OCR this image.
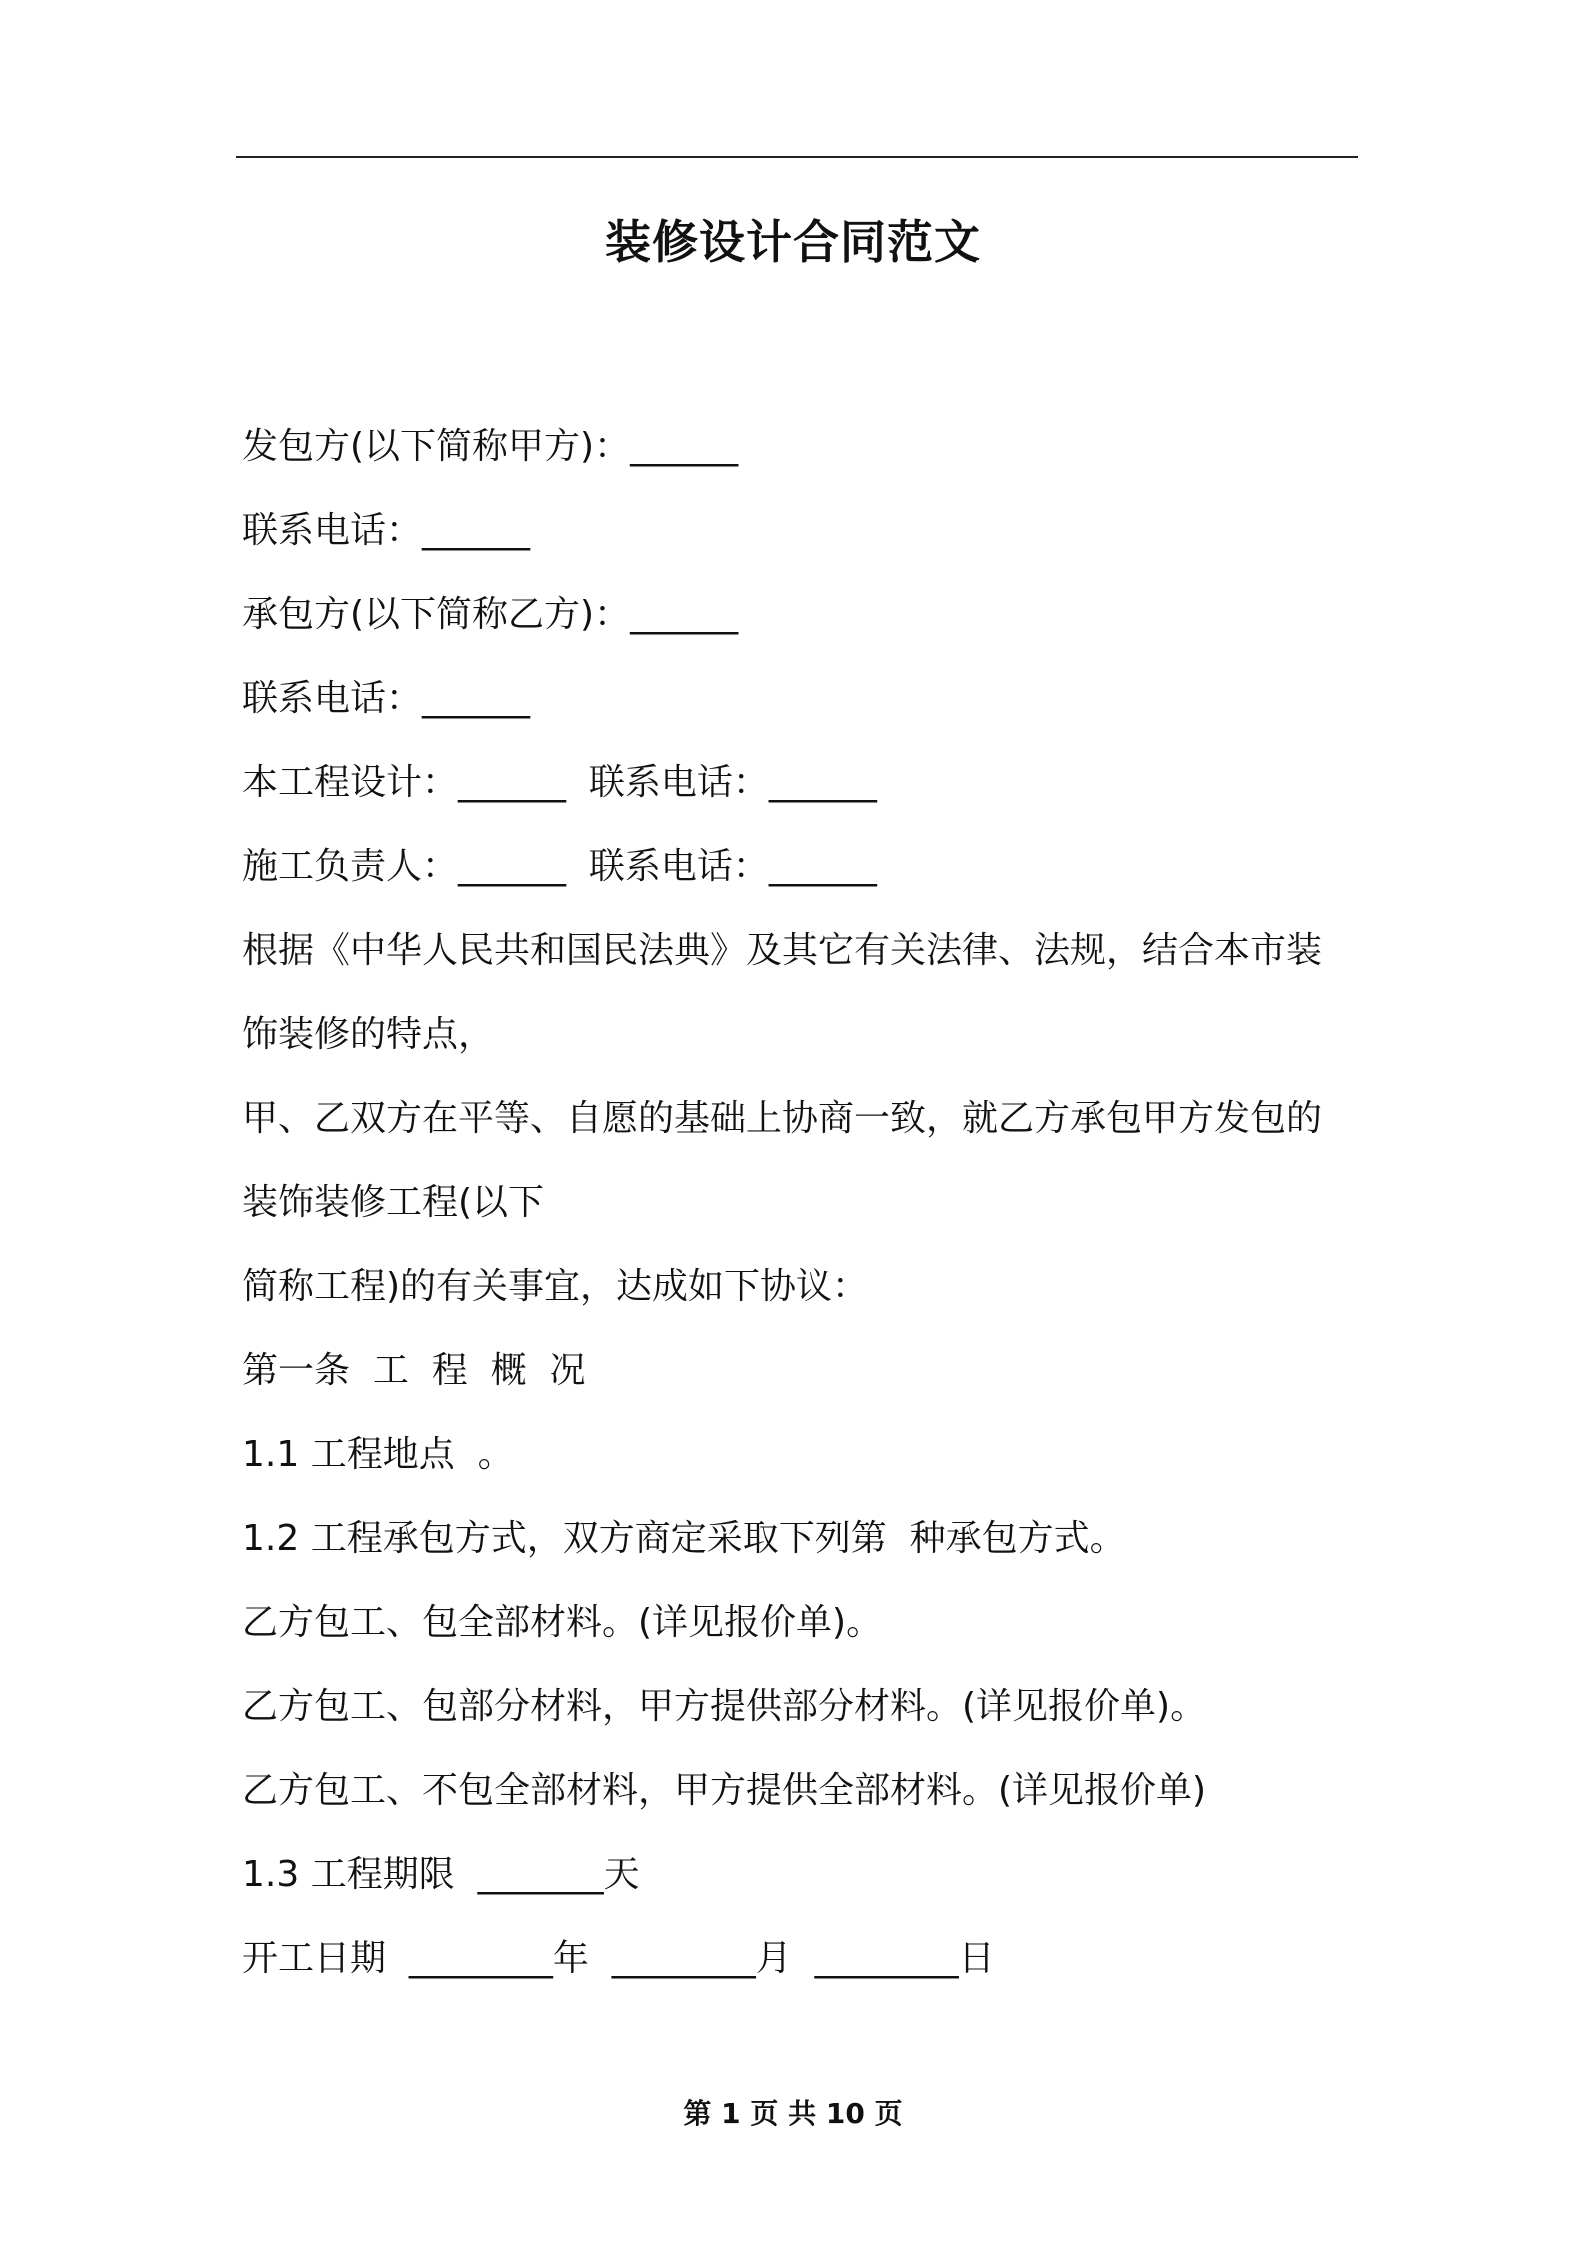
装修设计合同范文
发包方(以下简称甲方)：______
联系电话：______
承包方(以下简称乙方)：______
联系电话：______
本工程设计：______  联系电话：______
施工负责人：______  联系电话：______
根据《中华人民共和国民法典》及其它有关法律、法规，结合本市装
饰装修的特点，
甲、乙双方在平等、自愿的基础上协商一致，就乙方承包甲方发包的
装饰装修工程(以下
简称工程)的有关事宜，达成如下协议：
第一条  工  程  概  况
1.1 工程地点  。
1.2 工程承包方式，双方商定采取下列第  种承包方式。
乙方包工、包全部材料。(详见报价单)。
乙方包工、包部分材料，甲方提供部分材料。(详见报价单)。
乙方包工、不包全部材料，甲方提供全部材料。(详见报价单)
1.3 工程期限  _______天
开工日期  ________年  ________月  ________日
第 1 页 共 10 页
